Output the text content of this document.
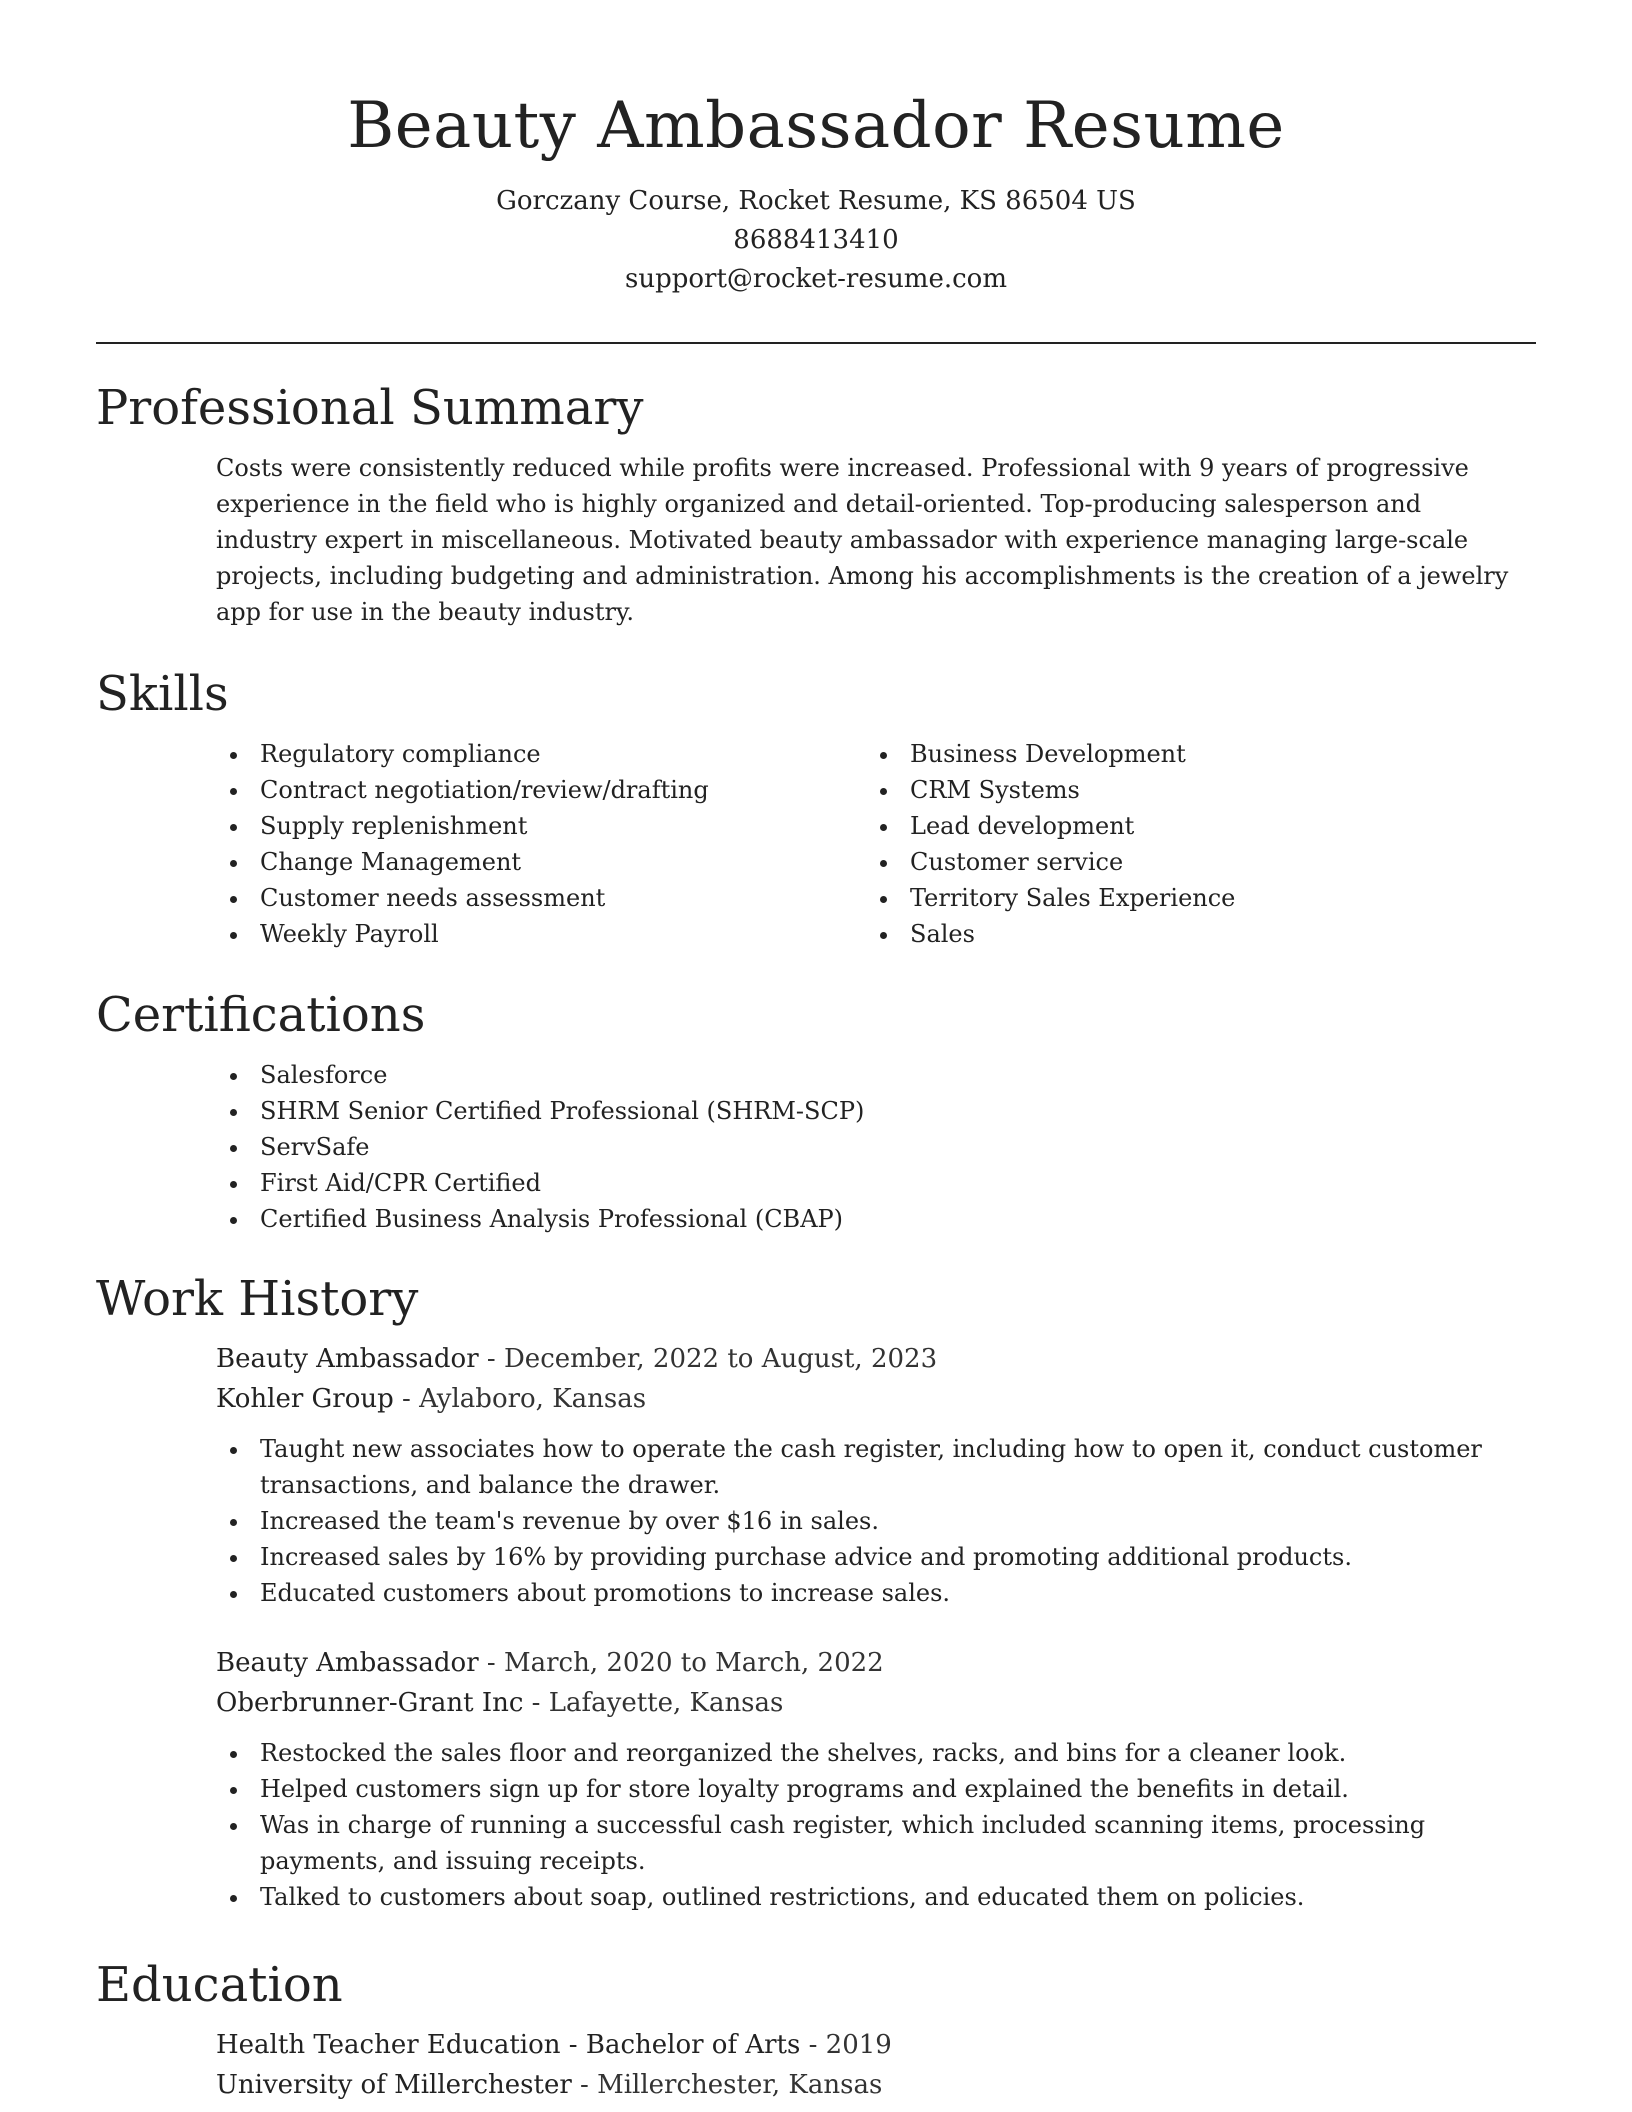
Beauty Ambassador Resume
Gorczany Course, Rocket Resume, KS 86504 US
8688413410
support@rocket-resume.com
Professional Summary

Costs were consistently reduced while profits were increased. Professional with 9 years of progressive experience in the field who is highly organized and detail-oriented. Top-producing salesperson and industry expert in miscellaneous. Motivated beauty ambassador with experience managing large-scale projects, including budgeting and administration. Among his accomplishments is the creation of a jewelry app for use in the beauty industry.

Skills
Regulatory compliance
Contract negotiation/review/drafting
Supply replenishment
Change Management
Customer needs assessment
Weekly Payroll
Business Development
CRM Systems
Lead development
Customer service
Territory Sales Experience
Sales
Certifications
Salesforce
SHRM Senior Certified Professional (SHRM-SCP)
ServSafe
First Aid/CPR Certified
Certified Business Analysis Professional (CBAP)
Work History
Beauty Ambassador - December, 2022 to August, 2023
Kohler Group - Aylaboro, Kansas
Taught new associates how to operate the cash register, including how to open it, conduct customer transactions, and balance the drawer.
Increased the team's revenue by over $16 in sales.
Increased sales by 16% by providing purchase advice and promoting additional products.
Educated customers about promotions to increase sales.
Beauty Ambassador - March, 2020 to March, 2022
Oberbrunner-Grant Inc - Lafayette, Kansas
Restocked the sales floor and reorganized the shelves, racks, and bins for a cleaner look.
Helped customers sign up for store loyalty programs and explained the benefits in detail.
Was in charge of running a successful cash register, which included scanning items, processing payments, and issuing receipts.
Talked to customers about soap, outlined restrictions, and educated them on policies.
Education
Health Teacher Education - Bachelor of Arts - 2019
University of Millerchester - Millerchester, Kansas
